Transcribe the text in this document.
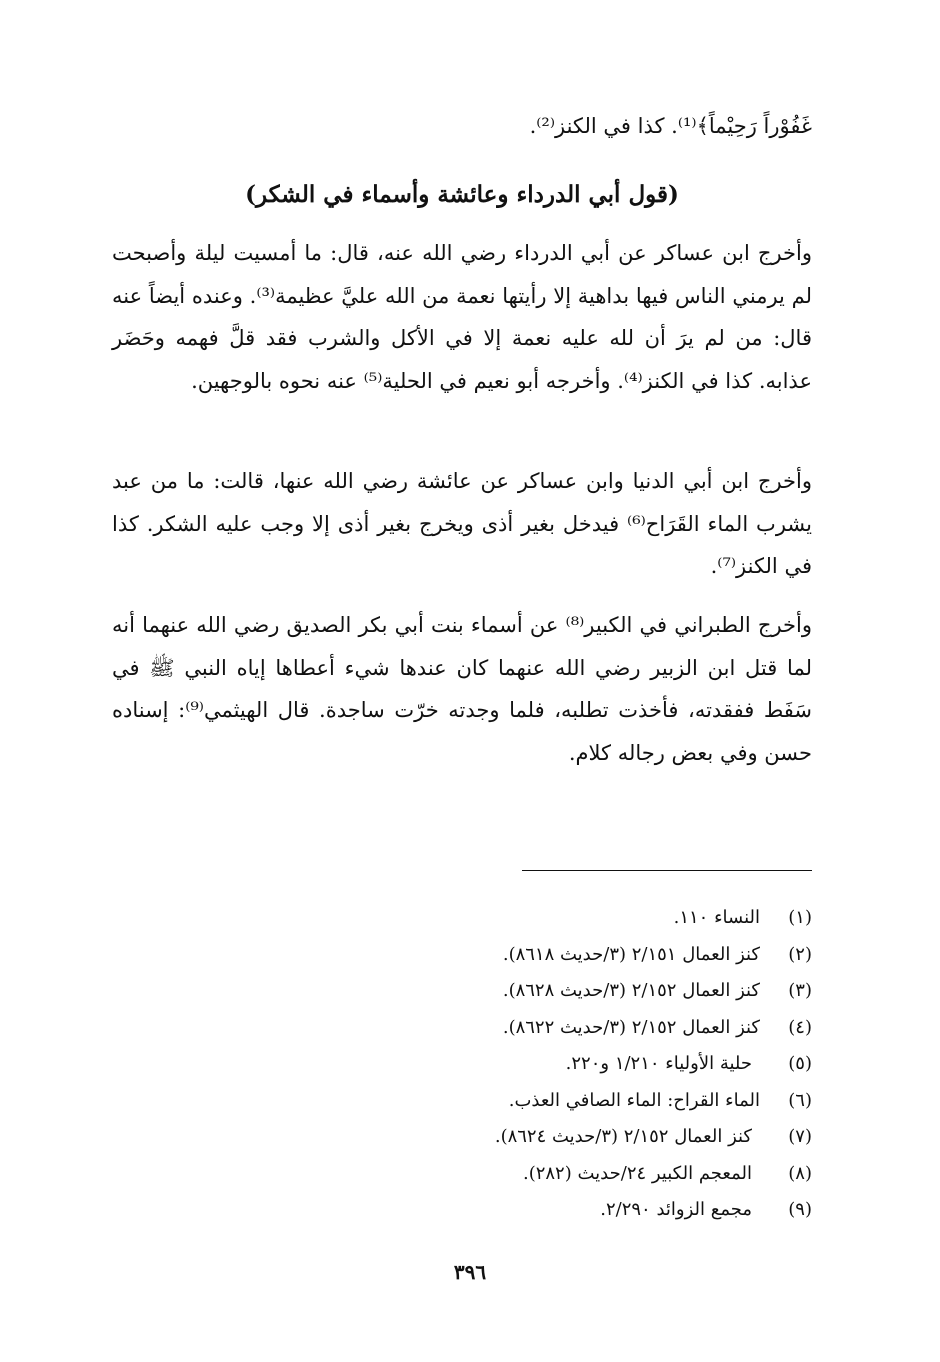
غَفُوْراً رَحِيْماً﴾⁽¹⁾. كذا في الكنز⁽²⁾.
(قول أبي الدرداء وعائشة وأسماء في الشكر)

وأخرج ابن عساكر عن أبي الدرداء رضي الله عنه، قال: ما أمسيت ليلة وأصبحت لم يرمني الناس فيها بداهية إلا رأيتها نعمة من الله عليَّ عظيمة⁽³⁾. وعنده أيضاً عنه قال: من لم يرَ أن لله عليه نعمة إلا في الأكل والشرب فقد قلَّ فهمه وحَضَر عذابه. كذا في الكنز⁽⁴⁾. وأخرجه أبو نعيم في الحلية⁽⁵⁾ عنه نحوه بالوجهين.

وأخرج ابن أبي الدنيا وابن عساكر عن عائشة رضي الله عنها، قالت: ما من عبد يشرب الماء القَرَاح⁽⁶⁾ فيدخل بغير أذى ويخرج بغير أذى إلا وجب عليه الشكر. كذا في الكنز⁽⁷⁾.

وأخرج الطبراني في الكبير⁽⁸⁾ عن أسماء بنت أبي بكر الصديق رضي الله عنهما أنه لما قتل ابن الزبير رضي الله عنهما كان عندها شيء أعطاها إياه النبي ﷺ في سَفَط ففقدته، فأخذت تطلبه، فلما وجدته خرّت ساجدة. قال الهيثمي⁽⁹⁾: إسناده حسن وفي بعض رجاله كلام.

(١)
النساء ١١٠.
(٢)
كنز العمال ٢/١٥١ (٣/حديث ٨٦١٨).
(٣)
كنز العمال ٢/١٥٢ (٣/حديث ٨٦٢٨).
(٤)
كنز العمال ٢/١٥٢ (٣/حديث ٨٦٢٢).
(٥)
حلية الأولياء ١/٢١٠ و٢٢٠.
(٦)
الماء القراح: الماء الصافي العذب.
(٧)
كنز العمال ٢/١٥٢ (٣/حديث ٨٦٢٤).
(٨)
المعجم الكبير ٢٤/حديث (٢٨٢).
(٩)
مجمع الزوائد ٢/٢٩٠.
٣٩٦
